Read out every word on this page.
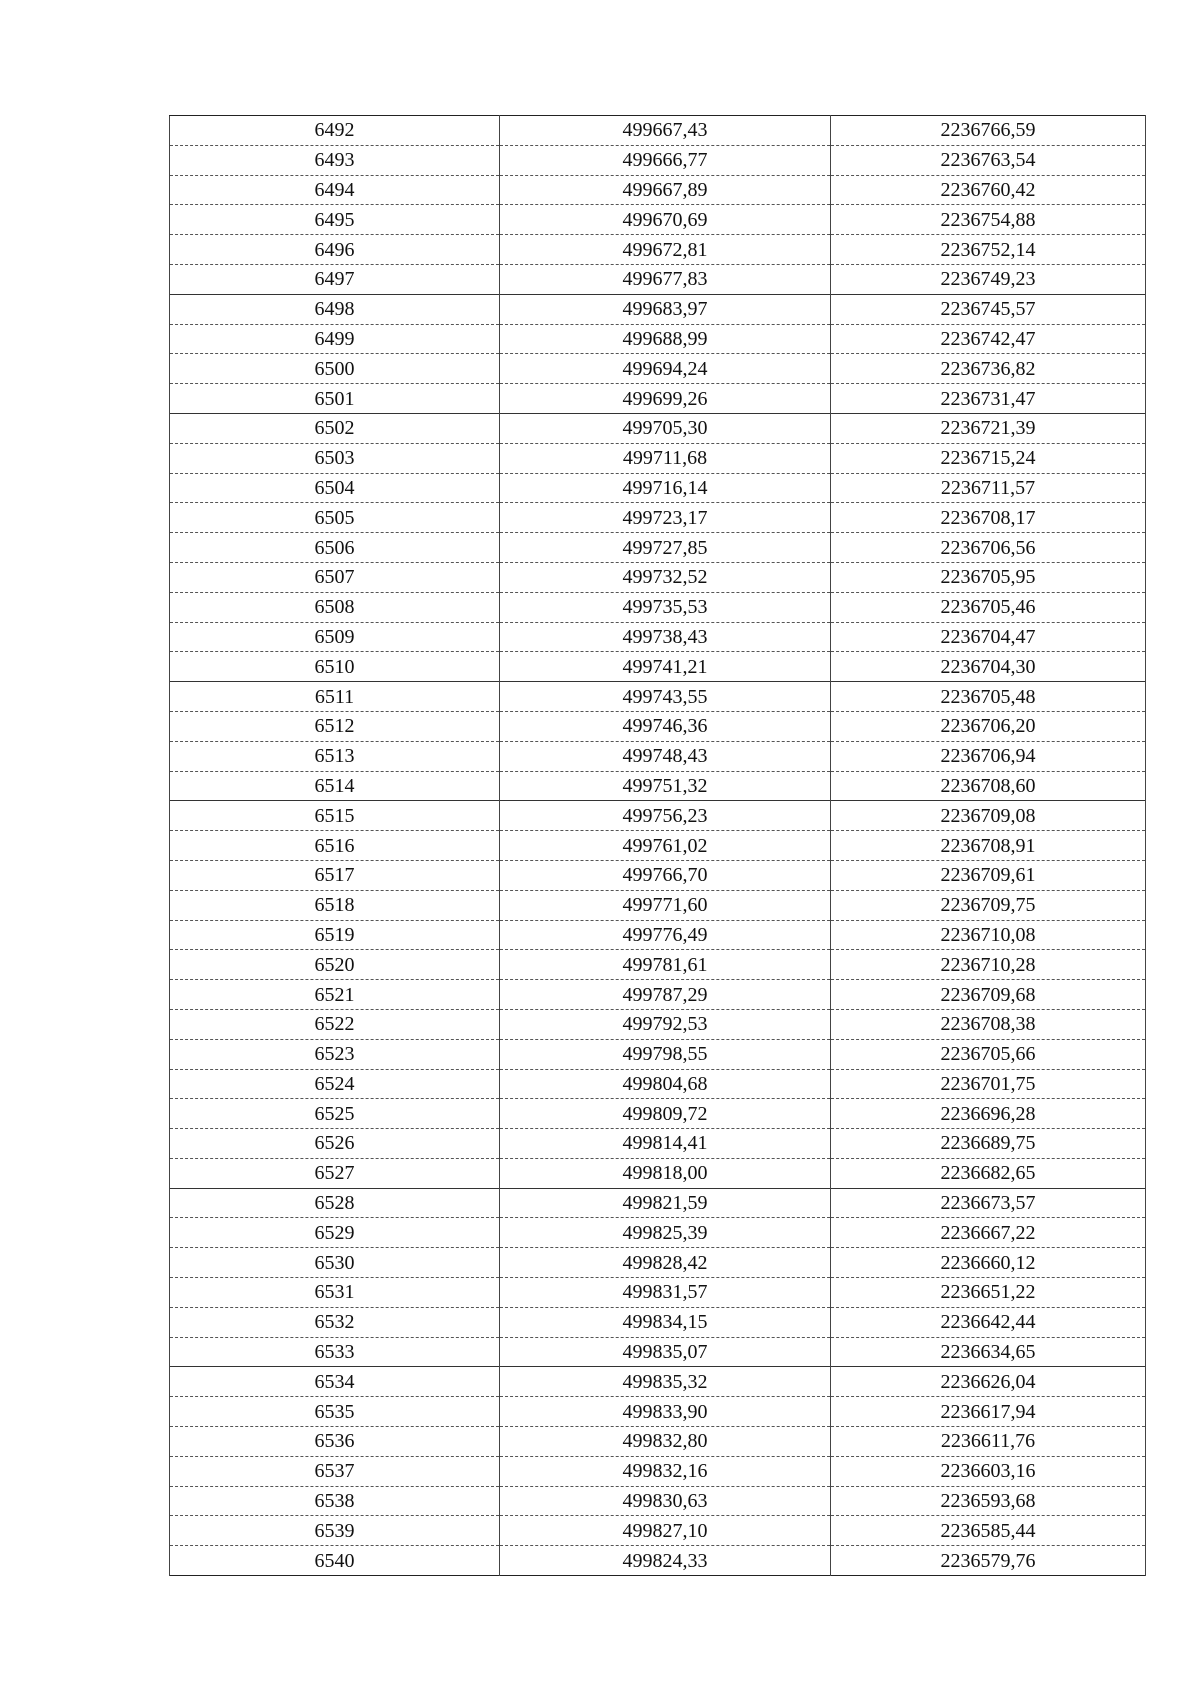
6492	499667,43	2236766,59
6493	499666,77	2236763,54
6494	499667,89	2236760,42
6495	499670,69	2236754,88
6496	499672,81	2236752,14
6497	499677,83	2236749,23
6498	499683,97	2236745,57
6499	499688,99	2236742,47
6500	499694,24	2236736,82
6501	499699,26	2236731,47
6502	499705,30	2236721,39
6503	499711,68	2236715,24
6504	499716,14	2236711,57
6505	499723,17	2236708,17
6506	499727,85	2236706,56
6507	499732,52	2236705,95
6508	499735,53	2236705,46
6509	499738,43	2236704,47
6510	499741,21	2236704,30
6511	499743,55	2236705,48
6512	499746,36	2236706,20
6513	499748,43	2236706,94
6514	499751,32	2236708,60
6515	499756,23	2236709,08
6516	499761,02	2236708,91
6517	499766,70	2236709,61
6518	499771,60	2236709,75
6519	499776,49	2236710,08
6520	499781,61	2236710,28
6521	499787,29	2236709,68
6522	499792,53	2236708,38
6523	499798,55	2236705,66
6524	499804,68	2236701,75
6525	499809,72	2236696,28
6526	499814,41	2236689,75
6527	499818,00	2236682,65
6528	499821,59	2236673,57
6529	499825,39	2236667,22
6530	499828,42	2236660,12
6531	499831,57	2236651,22
6532	499834,15	2236642,44
6533	499835,07	2236634,65
6534	499835,32	2236626,04
6535	499833,90	2236617,94
6536	499832,80	2236611,76
6537	499832,16	2236603,16
6538	499830,63	2236593,68
6539	499827,10	2236585,44
6540	499824,33	2236579,76
